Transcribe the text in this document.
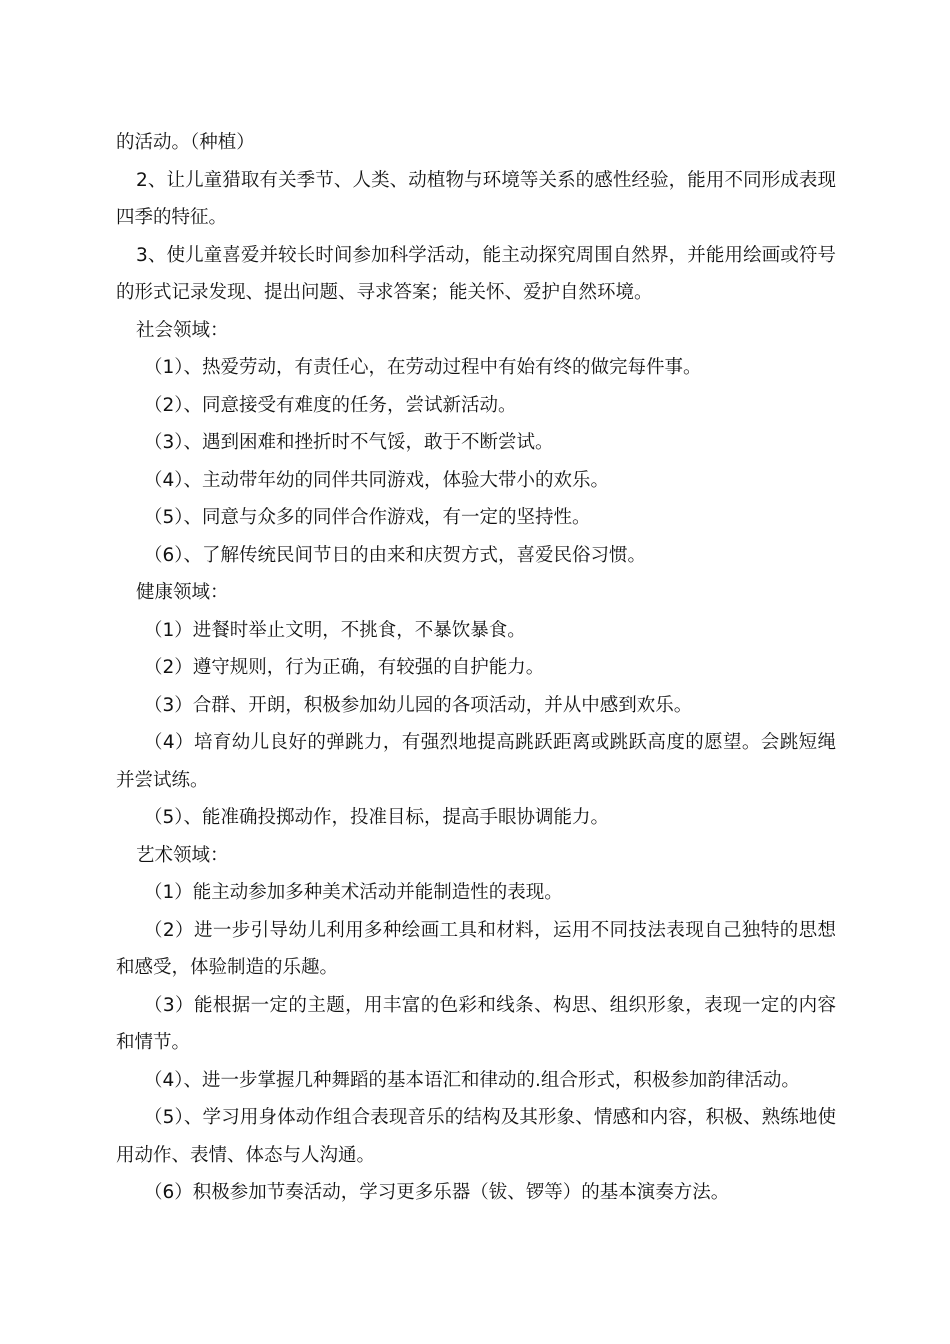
的活动。（种植）

2、让儿童猎取有关季节、人类、动植物与环境等关系的感性经验，能用不同形成表现四季的特征。

3、使儿童喜爱并较长时间参加科学活动，能主动探究周围自然界，并能用绘画或符号的形式记录发现、提出问题、寻求答案；能关怀、爱护自然环境。

社会领域：

（1）、热爱劳动，有责任心，在劳动过程中有始有终的做完每件事。

（2）、同意接受有难度的任务，尝试新活动。

（3）、遇到困难和挫折时不气馁，敢于不断尝试。

（4）、主动带年幼的同伴共同游戏，体验大带小的欢乐。

（5）、同意与众多的同伴合作游戏，有一定的坚持性。

（6）、了解传统民间节日的由来和庆贺方式，喜爱民俗习惯。

健康领域：

（1）进餐时举止文明，不挑食，不暴饮暴食。

（2）遵守规则，行为正确，有较强的自护能力。

（3）合群、开朗，积极参加幼儿园的各项活动，并从中感到欢乐。

（4）培育幼儿良好的弹跳力，有强烈地提高跳跃距离或跳跃高度的愿望。会跳短绳并尝试练。

（5）、能准确投掷动作，投准目标，提高手眼协调能力。

艺术领域：

（1）能主动参加多种美术活动并能制造性的表现。

（2）进一步引导幼儿利用多种绘画工具和材料，运用不同技法表现自己独特的思想和感受，体验制造的乐趣。

（3）能根据一定的主题，用丰富的色彩和线条、构思、组织形象，表现一定的内容和情节。

（4）、进一步掌握几种舞蹈的基本语汇和律动的.组合形式，积极参加韵律活动。

（5）、学习用身体动作组合表现音乐的结构及其形象、情感和内容，积极、熟练地使用动作、表情、体态与人沟通。

（6）积极参加节奏活动，学习更多乐器（钹、锣等）的基本演奏方法。
